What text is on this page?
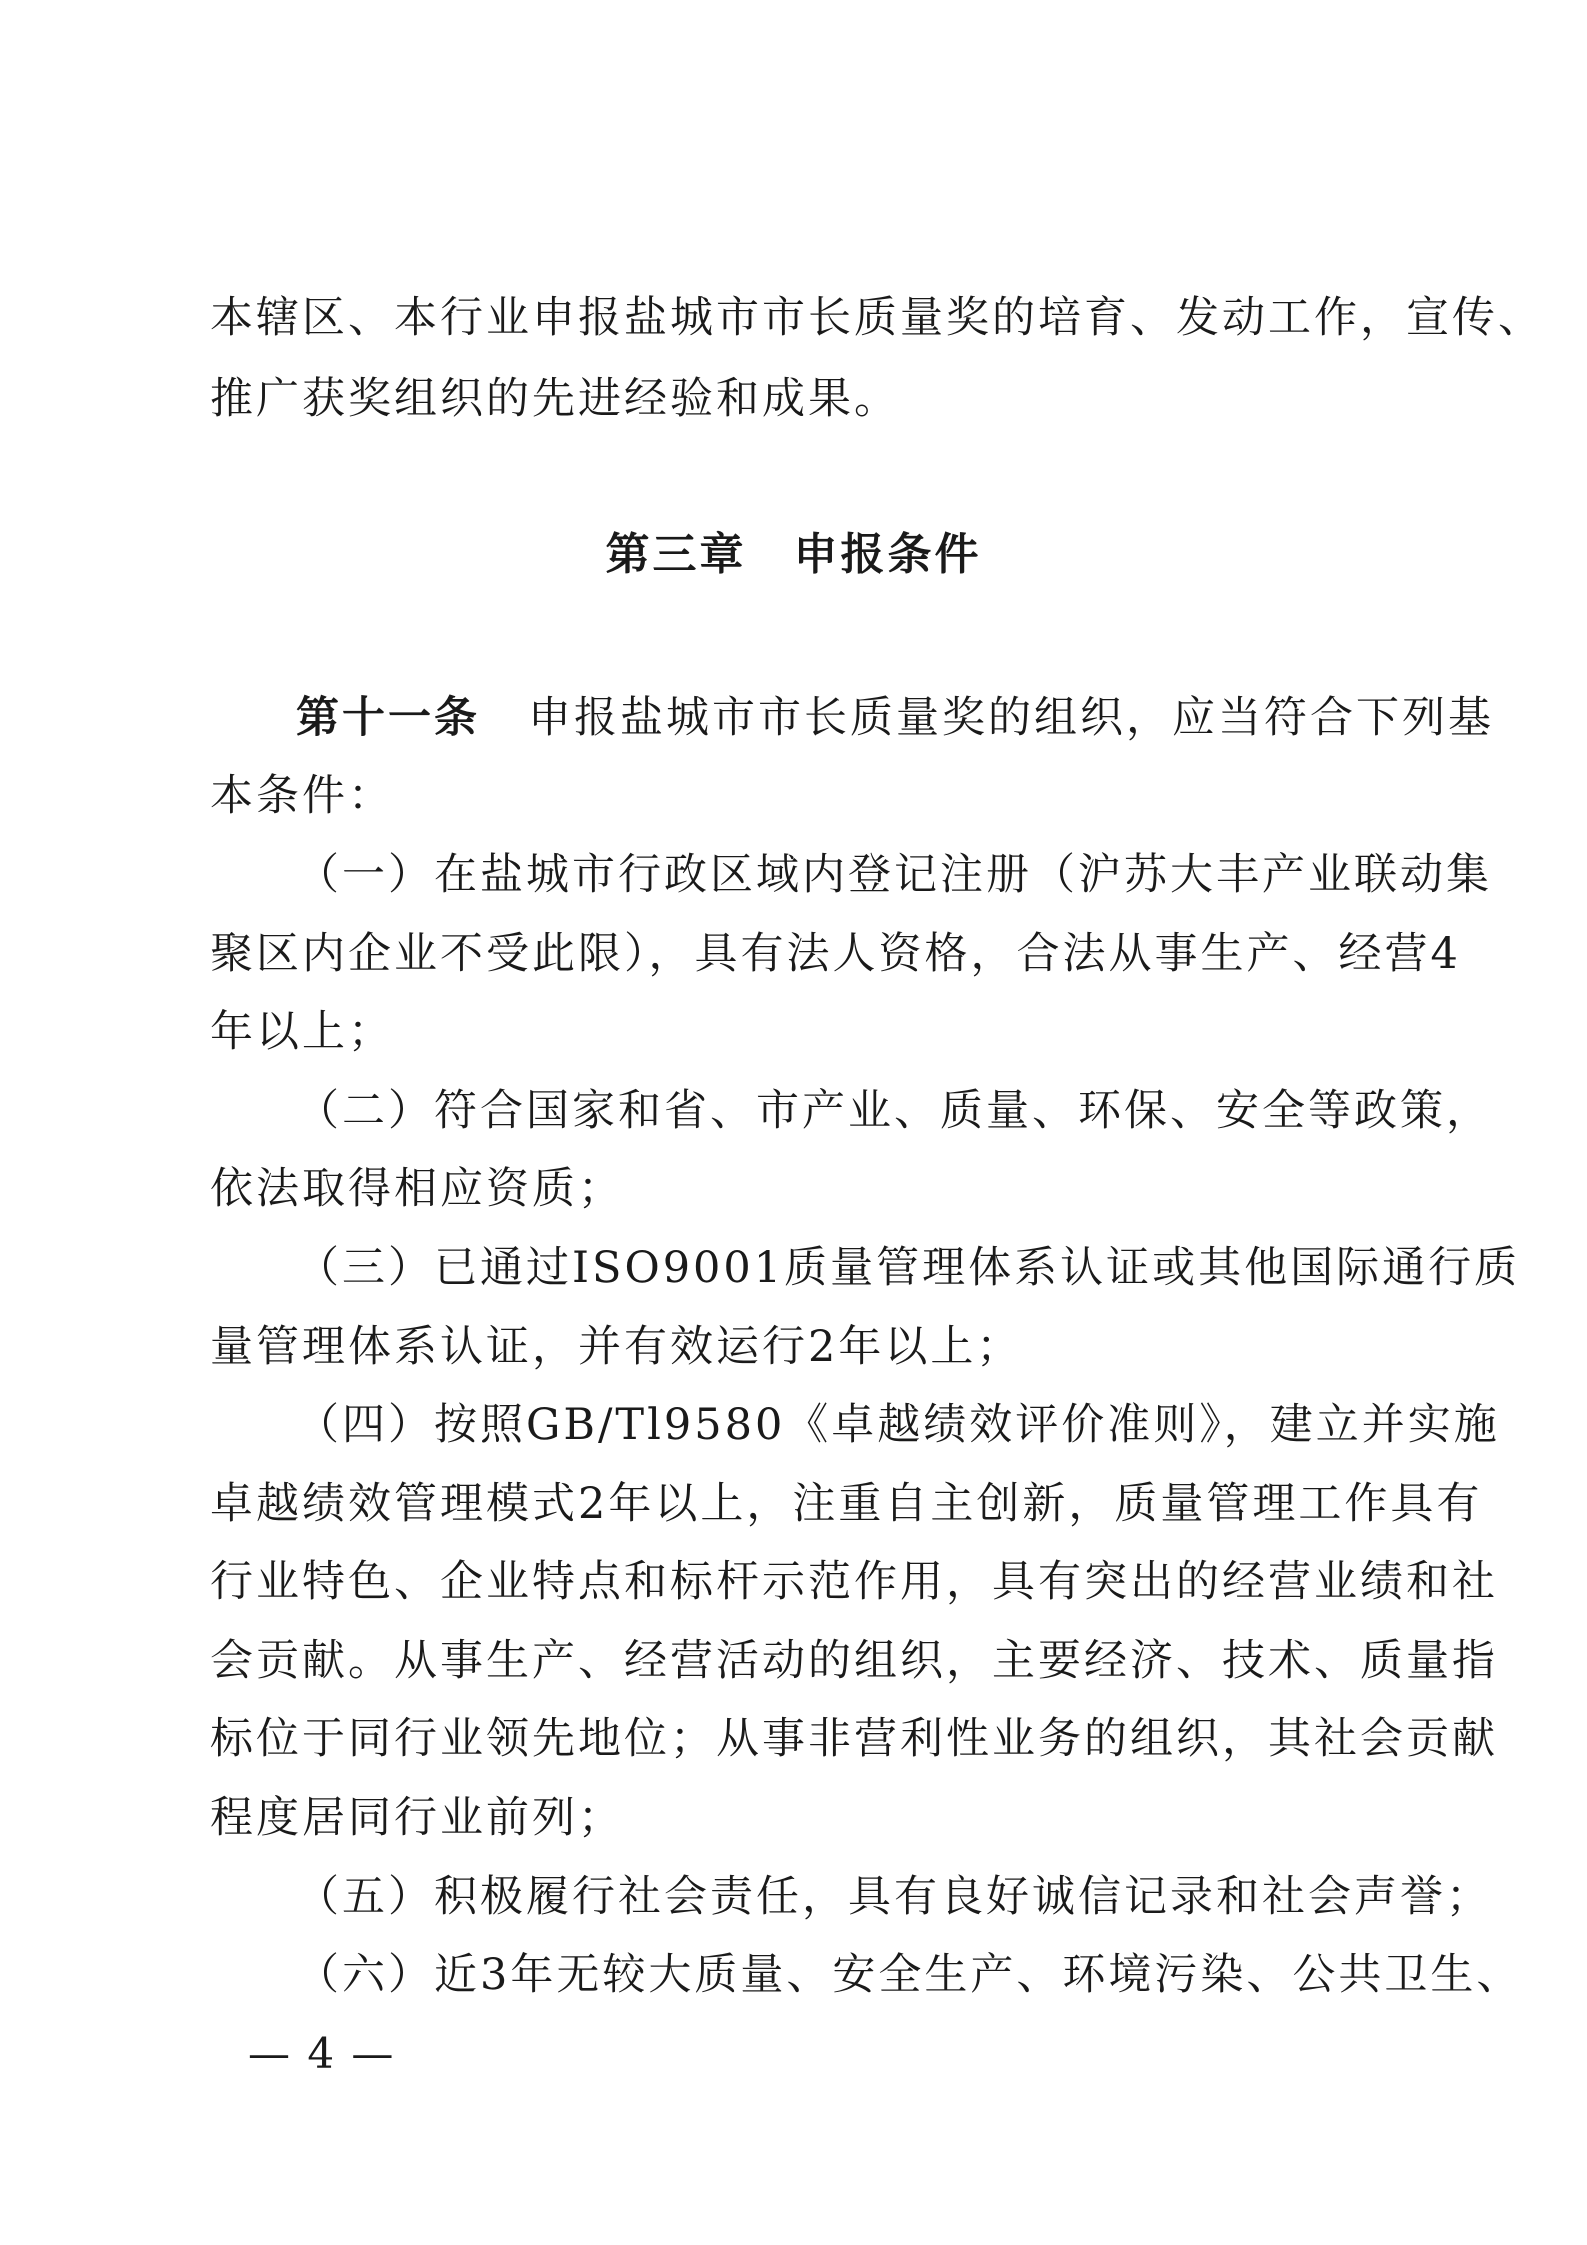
本辖区、本行业申报盐城市市长质量奖的培育、发动工作，宣传、
推广获奖组织的先进经验和成果。
第三章　申报条件
第十一条 申报盐城市市长质量奖的组织，应当符合下列基
本条件：
（一）在盐城市行政区域内登记注册（沪苏大丰产业联动集
聚区内企业不受此限），具有法人资格，合法从事生产、经营4
年以上；
（二）符合国家和省、市产业、质量、环保、安全等政策，
依法取得相应资质；
（三）已通过ISO9001质量管理体系认证或其他国际通行质
量管理体系认证，并有效运行2年以上；
（四）按照GB/Tl9580《卓越绩效评价准则》，建立并实施
卓越绩效管理模式2年以上，注重自主创新，质量管理工作具有
行业特色、企业特点和标杆示范作用，具有突出的经营业绩和社
会贡献。从事生产、经营活动的组织，主要经济、技术、质量指
标位于同行业领先地位；从事非营利性业务的组织，其社会贡献
程度居同行业前列；
（五）积极履行社会责任，具有良好诚信记录和社会声誉；
（六）近3年无较大质量、安全生产、环境污染、公共卫生、
— 4 —
